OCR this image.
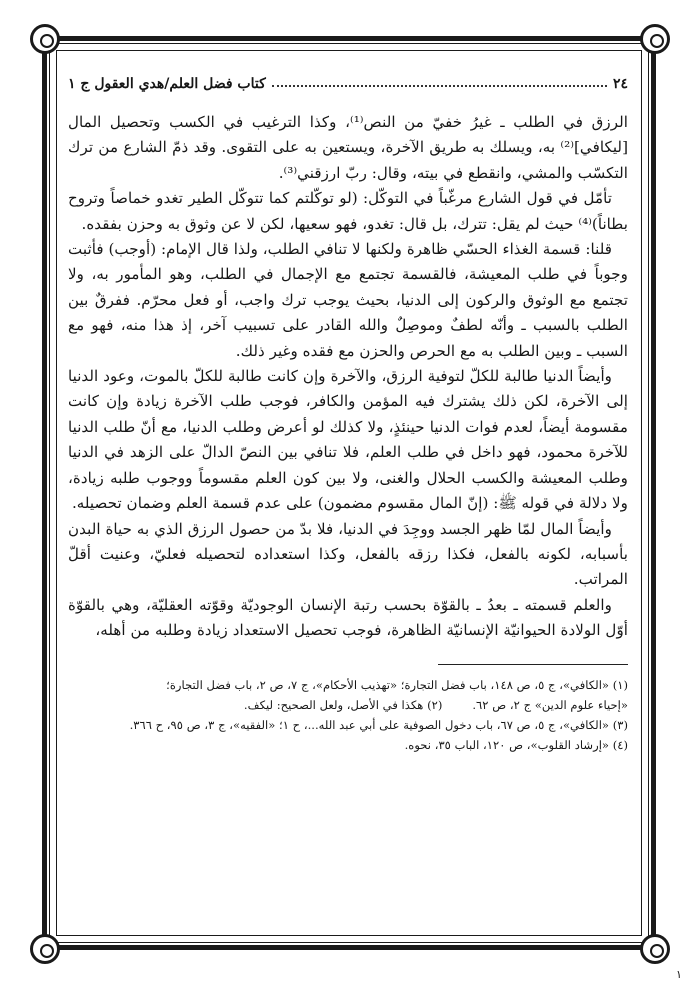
٢٤
كتاب فضل العلم/هدي العقول ج ١

الرزق في الطلب ـ غيرُ خفيّ من النص⁽¹⁾، وكذا الترغيب في الكسب وتحصيل المال [ليكافي]⁽²⁾ به، ويسلك به طريق الآخرة، ويستعين به على التقوى. وقد ذمّ الشارع من ترك التكسّب والمشي، وانقطع في بيته، وقال: ربّ ارزقني⁽³⁾.

تأمّل في قول الشارع مرغّباً في التوكّل: (لو توكّلتم كما تتوكّل الطير تغدو خماصاً وتروح بطاناً)⁽⁴⁾ حيث لم يقل: تترك، بل قال: تغدو، فهو سعيها، لكن لا عن وثوق به وحزن بفقده.

قلنا: قسمة الغذاء الحسّي ظاهرة ولكنها لا تنافي الطلب، ولذا قال الإمام: (أوجب) فأثبت وجوباً في طلب المعيشة، فالقسمة تجتمع مع الإجمال في الطلب، وهو المأمور به، ولا تجتمع مع الوثوق والركون إلى الدنيا، بحيث يوجب ترك واجب، أو فعل محرّم. ففرقٌ بين الطلب بالسبب ـ وأنّه لطفٌ وموصِلٌ والله القادر على تسبيب آخر، إذ هذا منه، فهو مع السبب ـ وبين الطلب به مع الحرص والحزن مع فقده وغير ذلك.

وأيضاً الدنيا طالبة للكلّ لتوفية الرزق، والآخرة وإن كانت طالبة للكلّ بالموت، وعود الدنيا إلى الآخرة، لكن ذلك يشترك فيه المؤمن والكافر، فوجب طلب الآخرة زيادة وإن كانت مقسومة أيضاً، لعدم فوات الدنيا حينئذٍ، ولا كذلك لو أعرض وطلب الدنيا، مع أنّ طلب الدنيا للآخرة محمود، فهو داخل في طلب العلم، فلا تنافي بين النصّ الدالّ على الزهد في الدنيا وطلب المعيشة والكسب الحلال والغنى، ولا بين كون العلم مقسوماً ووجوب طلبه زيادة، ولا دلالة في قوله ﷺ: (إنّ المال مقسوم مضمون) على عدم قسمة العلم وضمان تحصيله.

وأيضاً المال لمّا ظهر الجسد ووجِدَ في الدنيا، فلا بدّ من حصول الرزق الذي به حياة البدن بأسبابه، لكونه بالفعل، فكذا رزقه بالفعل، وكذا استعداده لتحصيله فعليّ، وعنيت أقلّ المراتب.

والعلم قسمته ـ بعدُ ـ بالقوّة بحسب رتبة الإنسان الوجوديّة وقوّته العقليّة، وهي بالقوّة أوّل الولادة الحيوانيّة الإنسانيّة الظاهرة، فوجب تحصيل الاستعداد زيادة وطلبه من أهله،

(١) «الكافي»، ج ٥، ص ١٤٨، باب فضل التجارة؛ «تهذيب الأحكام»، ج ٧، ص ٢، باب فضل التجارة؛

«إحياء علوم الدين» ج ٢، ص ٦٢.
(٢) هكذا في الأصل، ولعل الصحيح: ليكف.

(٣) «الكافي»، ج ٥، ص ٦٧، باب دخول الصوفية على أبي عبد الله...، ح ١؛ «الفقيه»، ج ٣، ص ٩٥، ح ٣٦٦.

(٤) «إرشاد القلوب»، ص ١٢٠، الباب ٣٥، نحوه.

١
